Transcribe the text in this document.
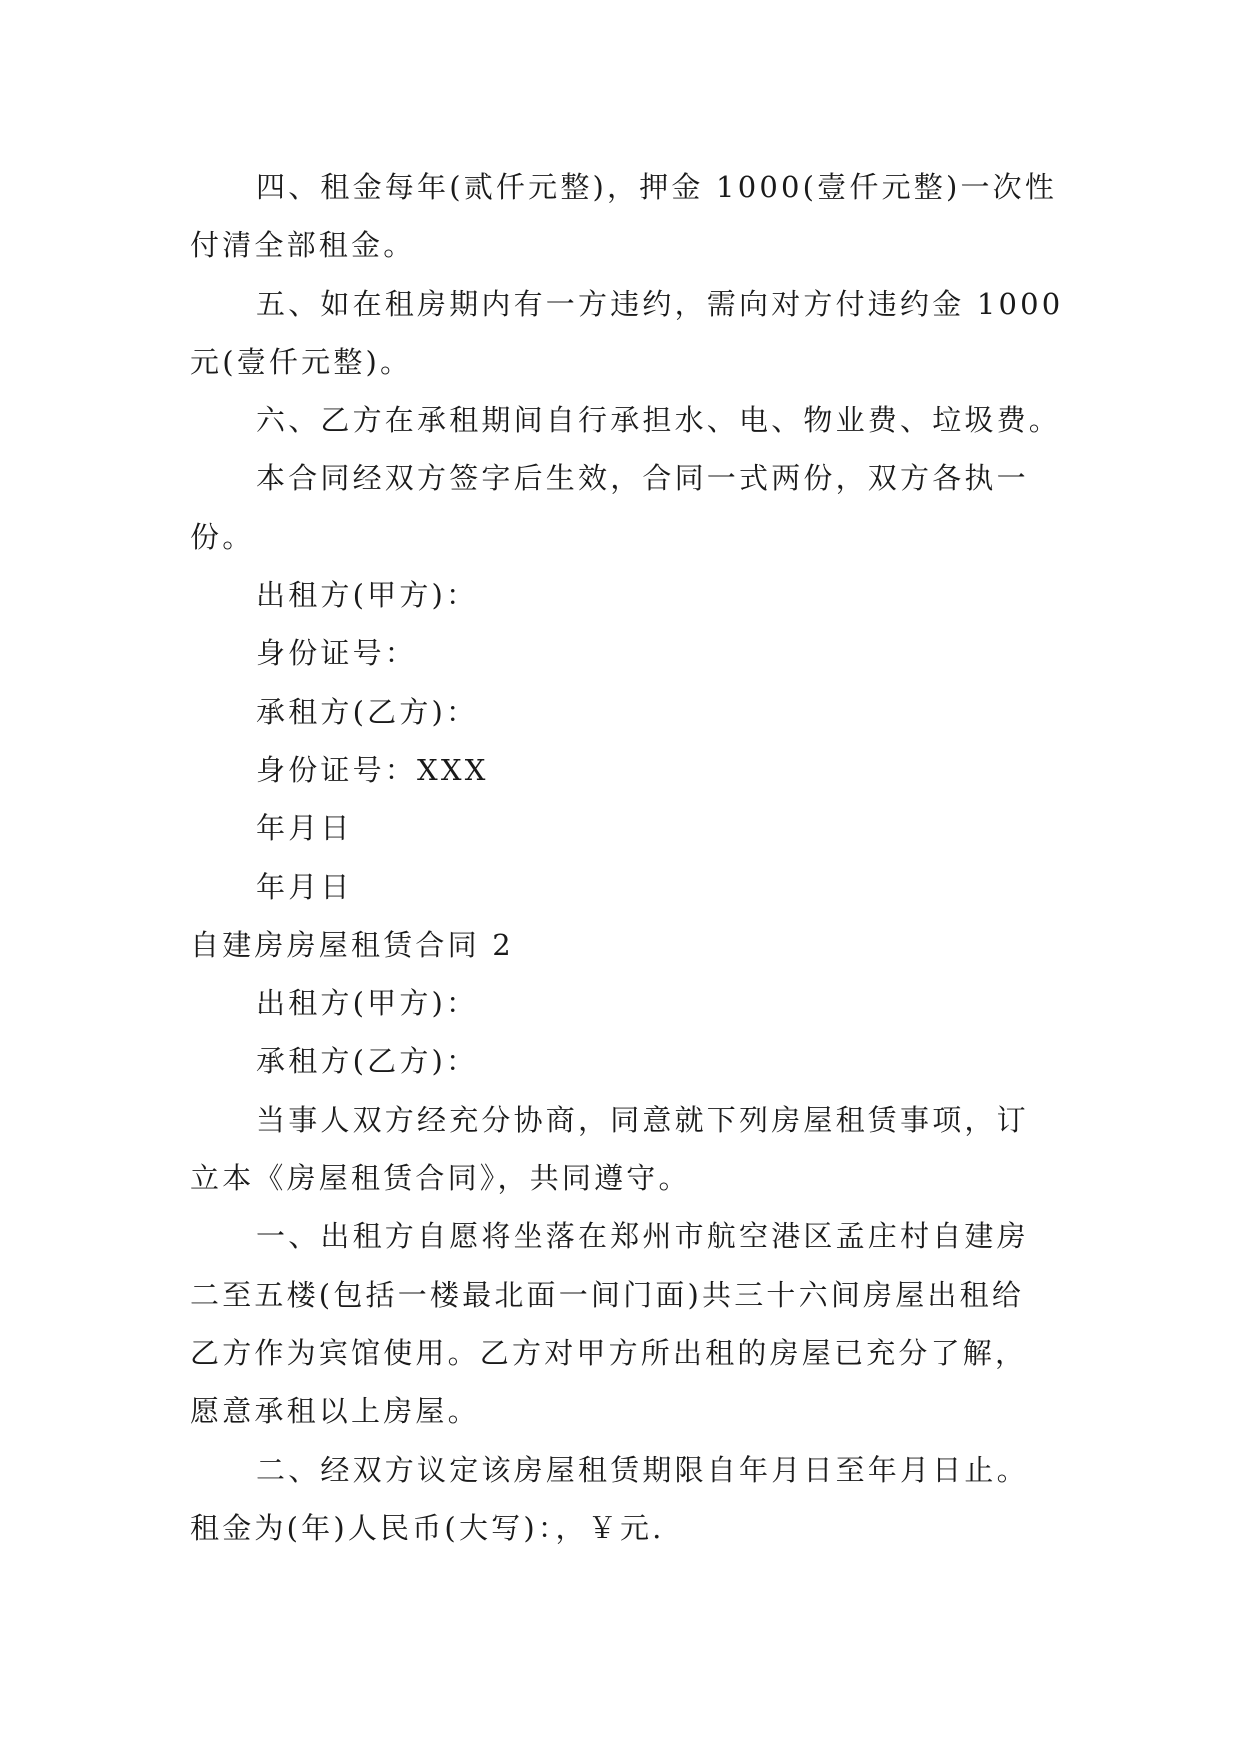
四、租金每年(贰仟元整)，押金 1000(壹仟元整)一次性

付清全部租金。

五、如在租房期内有一方违约，需向对方付违约金 1000

元(壹仟元整)。

六、乙方在承租期间自行承担水、电、物业费、垃圾费。

本合同经双方签字后生效，合同一式两份，双方各执一

份。

出租方(甲方)：

身份证号：

承租方(乙方)：

身份证号：XXX

年月日

年月日

自建房房屋租赁合同 2

出租方(甲方)：

承租方(乙方)：

当事人双方经充分协商，同意就下列房屋租赁事项，订

立本《房屋租赁合同》，共同遵守。

一、出租方自愿将坐落在郑州市航空港区孟庄村自建房

二至五楼(包括一楼最北面一间门面)共三十六间房屋出租给

乙方作为宾馆使用。乙方对甲方所出租的房屋已充分了解，

愿意承租以上房屋。

二、经双方议定该房屋租赁期限自年月日至年月日止。

租金为(年)人民币(大写)：，￥元.
